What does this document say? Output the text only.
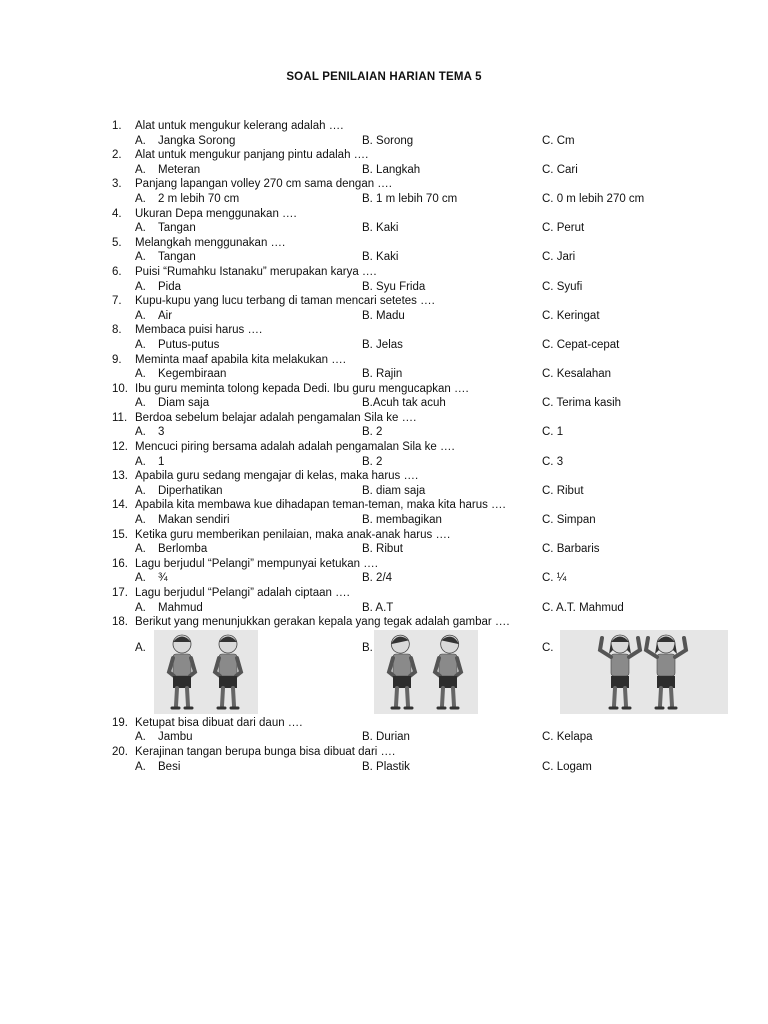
SOAL PENILAIAN HARIAN TEMA 5
1.	Alat untuk mengukur kelerang adalah ….
A. Jangka Sorong	B. Sorong	C. Cm
2.	Alat untuk mengukur panjang pintu adalah ….
A. Meteran	B. Langkah	C. Cari
3.	Panjang lapangan volley 270 cm sama dengan ….
A. 2 m lebih 70 cm	B. 1 m lebih 70 cm	C. 0 m lebih 270 cm
4.	Ukuran Depa menggunakan ….
A. Tangan	B. Kaki	C. Perut
5.	Melangkah menggunakan ….
A. Tangan	B. Kaki	C. Jari
6.	Puisi “Rumahku Istanaku” merupakan karya ….
A. Pida	B. Syu Frida	C. Syufi
7.	Kupu-kupu yang lucu terbang di taman mencari setetes ….
A. Air	B. Madu	C. Keringat
8.	Membaca puisi harus ….
A. Putus-putus	B. Jelas	C. Cepat-cepat
9.	Meminta maaf apabila kita melakukan ….
A. Kegembiraan	B. Rajin	C. Kesalahan
10. Ibu guru meminta tolong kepada Dedi. Ibu guru mengucapkan ….
A. Diam saja	B.Acuh tak acuh	C. Terima kasih
11. Berdoa sebelum belajar adalah pengamalan Sila ke ….
A. 3	B. 2	C. 1
12. Mencuci piring bersama adalah adalah pengamalan Sila ke ….
A. 1	B. 2	C. 3
13. Apabila guru sedang mengajar di kelas, maka harus ….
A. Diperhatikan	B. diam saja	C. Ribut
14. Apabila kita membawa kue dihadapan teman-teman, maka kita harus ….
A. Makan sendiri	B. membagikan	C. Simpan
15. Ketika guru memberikan penilaian, maka anak-anak harus ….
A. Berlomba	B. Ribut	C. Barbaris
16. Lagu berjudul “Pelangi” mempunyai ketukan ….
A. ¾	B. 2/4	C. ¼
17. Lagu berjudul “Pelangi” adalah ciptaan ….
A. Mahmud	B. A.T	C. A.T. Mahmud
18. Berikut yang menunjukkan gerakan kepala yang tegak adalah gambar ….
A.	B.	C.
19. Ketupat bisa dibuat dari daun ….
A. Jambu	B. Durian	C. Kelapa
20. Kerajinan tangan berupa bunga bisa dibuat dari ….
A. Besi	B. Plastik	C. Logam
